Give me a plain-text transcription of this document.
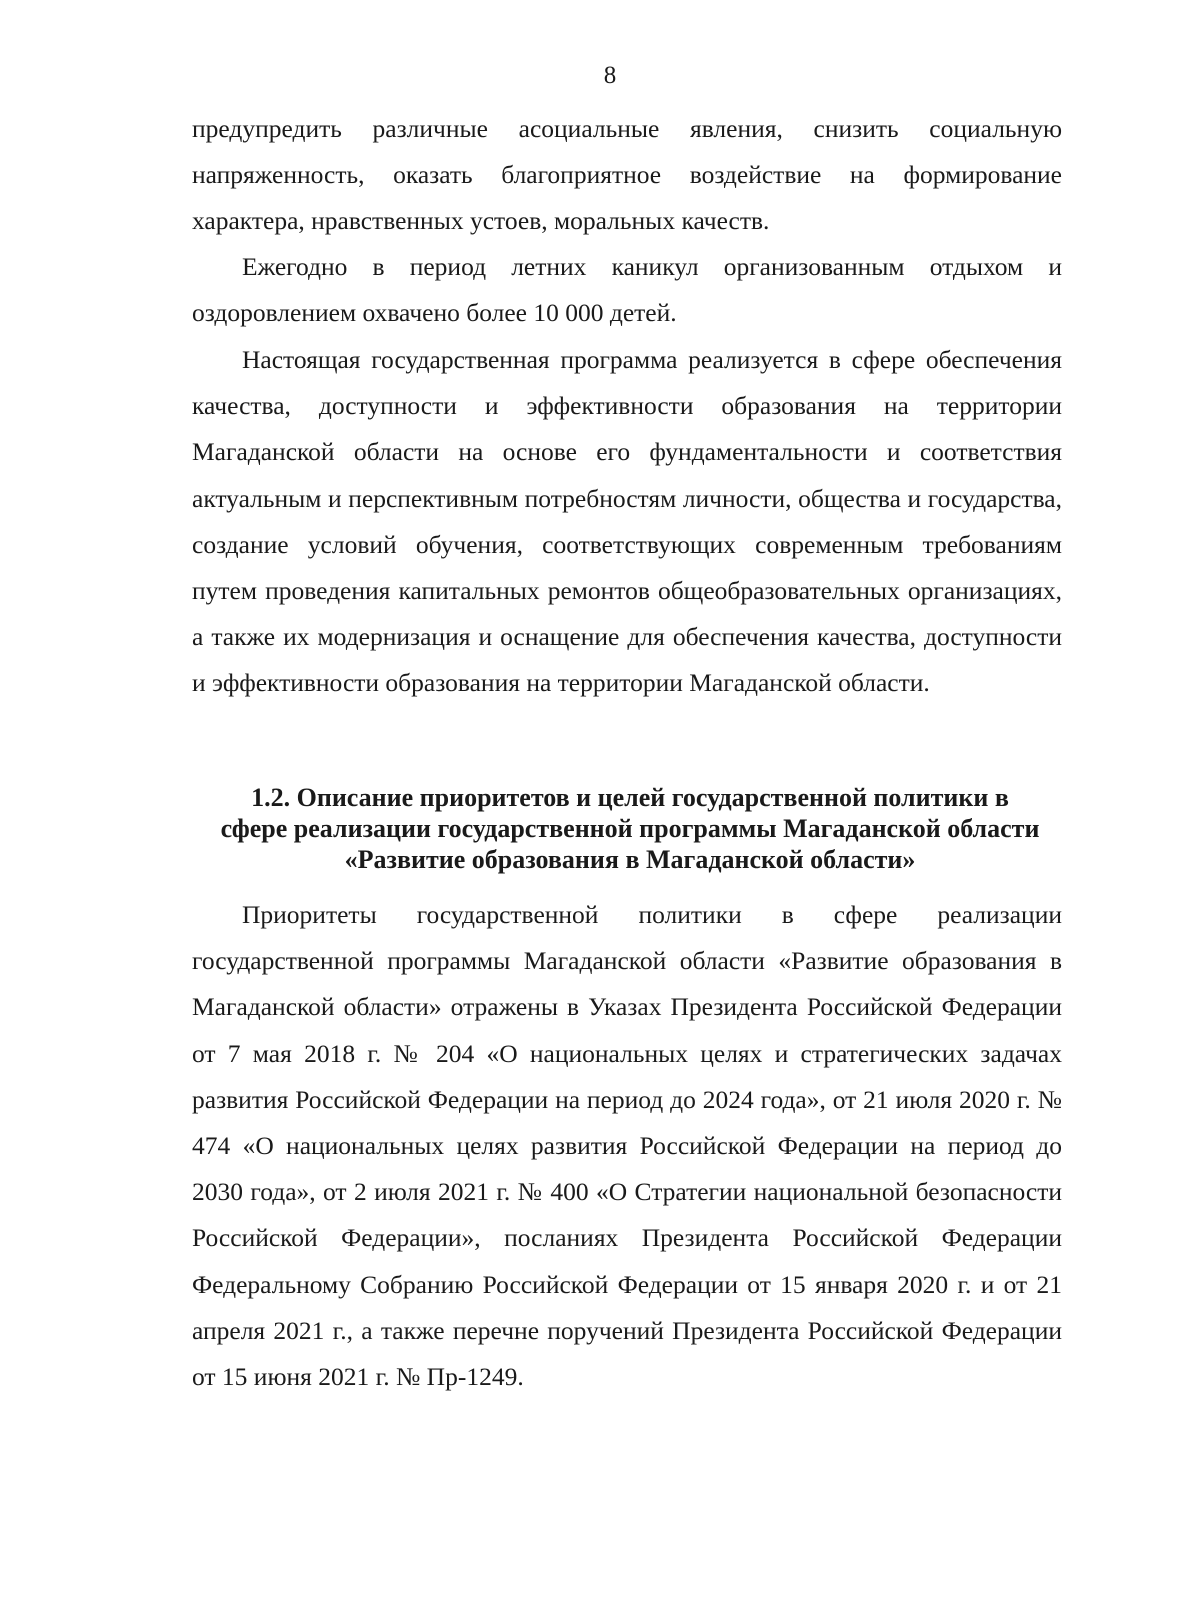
8

предупредить различные асоциальные явления, снизить социальную напряженность, оказать благоприятное воздействие на формирование характера, нравственных устоев, моральных качеств.

Ежегодно в период летних каникул организованным отдыхом и оздоровлением охвачено более 10 000 детей.

Настоящая государственная программа реализуется в сфере обеспечения качества, доступности и эффективности образования на территории Магаданской области на основе его фундаментальности и соответствия актуальным и перспективным потребностям личности, общества и государства, создание условий обучения, соответствующих современным требованиям путем проведения капитальных ремонтов общеобразовательных организациях, а также их модернизация и оснащение для обеспечения качества, доступности и эффективности образования на территории Магаданской области.

1.2. Описание приоритетов и целей государственной политики в
сфере реализации государственной программы Магаданской области
«Развитие образования в Магаданской области»

Приоритеты государственной политики в сфере реализации государственной программы Магаданской области «Развитие образования в Магаданской области» отражены в Указах Президента Российской Федерации от 7 мая 2018 г. № 204 «О национальных целях и стратегических задачах развития Российской Федерации на период до 2024 года», от 21 июля 2020 г. № 474 «О национальных целях развития Российской Федерации на период до 2030 года», от 2 июля 2021 г. № 400 «О Стратегии национальной безопасности Российской Федерации», посланиях Президента Российской Федерации Федеральному Собранию Российской Федерации от 15 января 2020 г. и от 21 апреля 2021 г., а также перечне поручений Президента Российской Федерации от 15 июня 2021 г. № Пр-1249.
